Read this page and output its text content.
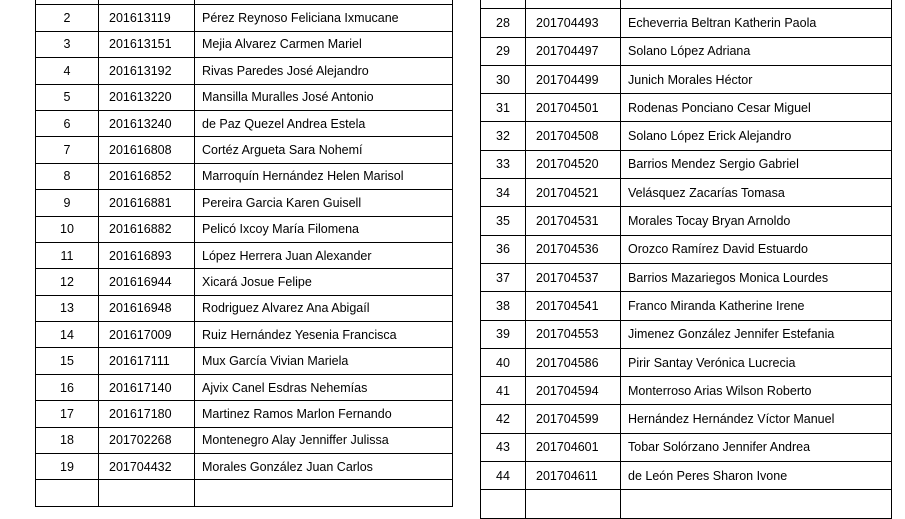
2	201613119	Pérez Reynoso Feliciana Ixmucane
3	201613151	Mejia Alvarez Carmen Mariel
4	201613192	Rivas Paredes José Alejandro
5	201613220	Mansilla Muralles José Antonio
6	201613240	de Paz Quezel Andrea Estela
7	201616808	Cortéz Argueta Sara Nohemí
8	201616852	Marroquín Hernández Helen Marisol
9	201616881	Pereira Garcia Karen Guisell
10	201616882	Pelicó Ixcoy María Filomena
11	201616893	López Herrera Juan Alexander
12	201616944	Xicará Josue Felipe
13	201616948	Rodriguez Alvarez Ana Abigaíl
14	201617009	Ruiz Hernández Yesenia Francisca
15	201617111	Mux García Vivian Mariela
16	201617140	Ajvix Canel Esdras Nehemías
17	201617180	Martinez Ramos Marlon Fernando
18	201702268	Montenegro Alay Jenniffer Julissa
19	201704432	Morales González Juan Carlos

28	201704493	Echeverria Beltran Katherin Paola
29	201704497	Solano López Adriana
30	201704499	Junich Morales Héctor
31	201704501	Rodenas Ponciano Cesar Miguel
32	201704508	Solano López Erick Alejandro
33	201704520	Barrios Mendez Sergio Gabriel
34	201704521	Velásquez Zacarías Tomasa
35	201704531	Morales Tocay Bryan Arnoldo
36	201704536	Orozco Ramírez David Estuardo
37	201704537	Barrios Mazariegos Monica Lourdes
38	201704541	Franco Miranda Katherine Irene
39	201704553	Jimenez González Jennifer Estefania
40	201704586	Pirir Santay Verónica Lucrecia
41	201704594	Monterroso Arias Wilson Roberto
42	201704599	Hernández Hernández Víctor Manuel
43	201704601	Tobar Solórzano Jennifer Andrea
44	201704611	de León Peres Sharon Ivone
